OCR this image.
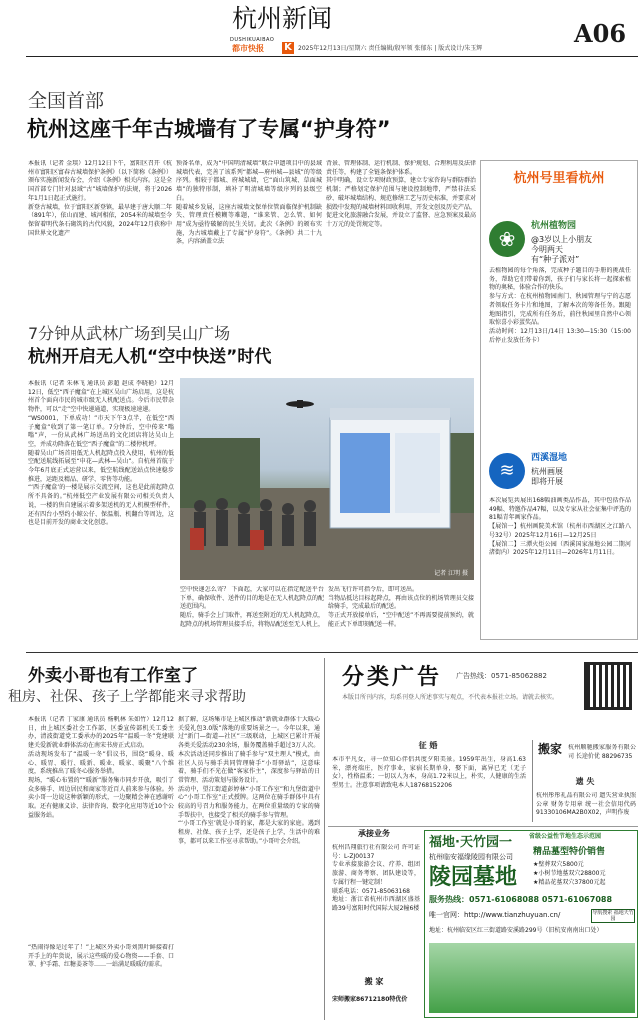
杭州新闻
DUSHIKUAIBAO
都市快报 K	2025年12月13日/星期六 责任编辑/殷军领 张郁东 | 版式设计/朱玉辉
A06
全国首部
杭州这座千年古城墙有了专属“护身符”
本报讯（记者 金琰）12月12日下午，富阳区召开《杭州市富阳区富春古城墙保护条例》（以下简称《条例》）颁布实施新闻发布会，介绍《条例》相关内容。这是全国首部专门针对县域“古”城墙保护的法规，将于2026年1月1日起正式施行。
新登古城墙，位于富阳区新登镇，最早建于唐大顺二年（891年），依山而建、城河相依，2054米的城墙至今保留着明代条石砌筑的古代风貌，2024年12月获称中国世界文化遗产
预备名单，成为“中国明清城墙”联合申遗项目中的县域城墙代表，完善了该系列“都城—府州城—县城”的等级序列。相较于都城、府城城墙，它“面山筑城、草面城墙”的独特形制，填补了明清城墙等级序列的县级空白。
随着城乡发展，这座古城墙文保单位管面临保护机制缺失、管理责任模糊等难题，“谁来管、怎么管、如何用”成为亟待破解的民生关切。此次《条例》的颁布实施，为古城墙戴上了专属“护身符”。《条例》共二十九条，内容涵盖立法
背景、管理体制、运行机制、保护规划、合理利用及法律责任等，构建了全链条保护体系。
其中明确，设立专项财政预算，建立专家咨询与群防群治机制；严格划定保护范围与建设控制地带，严禁非法采砂、破坏城墙结构、规范修缮工艺与历史标准，并要求对损毁中发现的城墙材料回收利用，开发文创及历史产品，促进文化旅游融合发展，并设立了监督、应急预案及最高十万元的处罚规定等。
杭州号里看杭州
❀
杭州植物园
@3岁以上小朋友
今明两天
有“种子派对”
去植物园的每个角落，完成种子题目的手册的挑战任务，帮助它们带着你到，孩子们与家长将一起探索植物的奥秘，体验合作的快乐。
参与方式：在杭州植物园南门、秋园管理与宁的志愿者领取任务卡片和地图，了解本次的筹备任务。跟随地图指引，完成所有任务后，前往秋园里自然中心领取惊喜小彩蛋奖品。
活动时间：12月13日/14日 13:30—15:30（15:00后停止发放任务卡）
≋
西溪湿地
杭州画展
即将开展
本次展览共展出168幅油画类品作品，其中包括作品49幅、特邀作品47幅，以及专家从社会征集中评选的81幅青年画家作品。
【展馆一】杭州画院美术馆（杭州市西湖区之江路八号32号）2025年12月16日—12月25日
【展馆二】三潭火炬公园（西溪国家湿地公园二期河渚街内）2025年12月11日—2026年1月11日。
7分钟从武林广场到吴山广场
杭州开启无人机“空中快送”时代
本报讯（记者 朱林飞 通讯员 彭超 赵成 李晓艳）12月12日，低空“西子魔盒”在上城区吴山广场启用，这是杭州首个面向市民的城市级无人机配送点。今后市民带杂物件，可以“走”空中快递通道，实现极速速递。
“WS0001，下单成功！”市天下午3点半，在低空“西子魔盒”收到了第一笔订单。7分钟后，空中传来“嗡嗡”声，一份从武林广场送出的文化团店将达吴山上空，并成功降落在低空“西子魔盒”的二楼停机坪。
随着吴山广场首用低无人机起降点投入使用，杭州的低空配送航线拓展至“申花—武林—吴山”。自杭州首航于今年6月底正式运营以来，低空航线配送站点快速稳步推进，运距及精品、研学、零售等功能。
“‘西子魔盒’的一楼是展示交流空间，这也是此前起降点所不具备的。”杭州低空产业发展有限公司相关负责人说，一楼的售自建展示着多架送机的无人机模型样件，还有四台小型约小鲸公仔、保温瓶、机翻台等周边，这也是目前开发的商业文化创意。
记者 江明 摄
空中快递怎么寄？ 下面起，大家可以在指定配送平台下单，确保收件、送件的目的地是在无人机起降点的配送范围内。
随后，骑手会上门取件，再送至附近的无人机起降点，起降点的机场管理员接手后，将物品配送至无人机上，
发出飞行许可指令后，即可送出。
当物品抵达目标起降点，再由该点位的机场管理员交接给骑手，完成最后的配送。
等正式开放接单后，“空中配送”不再需要提前预约，就能正式下单即刻配送一样。
外卖小哥也有工作室了
租房、社保、孩子上学都能来寻求帮助
本报讯（记者 丁家康 通讯员 杨帆林 朱如竹）12月12日，由上城区委社会工作部、区委宣传部机关工委主办，清波街道党工委承办的2025年“温暖一冬”党建联建关爱新就业群体活动在南宋书房正式启动。
活动现场发布了“温暖一冬”倡议书，围绕“暖身、暖心、暖胃、暖行、暖新、暖业、暖家、暖聚”八个维度，系统推出了暖冬心服务举措。
现场，“暖心布置的”“暖新”服务集市同步开放，吸引了众多骑手、周边居民和商家等近百人前来参与体验。外卖小哥一边说这种新颖的形式，一边聚精会神在感谢听取。还有健康义诊、法律咨询、数字化应用等近10个公益服务站。
“热闹得像是过年了！”上城区外卖小哥刘黑叶鲜接着打开手上的年货说，展示这些暖的爱心物资——手套、口罩、护手霜、红糖姜茶等……一站满足暖暖的需求。
据了解，这场集市是上城区推动“新就业群体十大暖心关爱礼包3.0版”落地的重要场景之一。今年以来，通过“新门—街道—社区”三级联动，上城区已累计开展各类关爱活动230余场，服务覆盖骑手超过3万人次。
本次活动还同步推出了骑手参与“双主理人”模式，由社区人员与骑手共同管理骑手“小哥驿站”，这意味着，骑手们不光在做“客家作主”，深度参与驿站的日常管理、活动策划与服务设计。
活动中，望江街道彭婷林“小哥工作室”和九堡街道中心“小哥工作室”正式授牌。这两位在骑手群体中具有较高的号召力和服务能力，在两位重量级的专家的骑手帮扶中，也接受了相关的骑手参与管理。
“‘小哥工作室’就是小哥的家，都是大家的家庭。遇到租房、社保、孩子上学，还是孩子上学，生活中的难事，都可以来工作室寻求帮助。”小哥叶会介绍。
分类广告 广告热线：0571-85062882
本版目所刊内容，均系刊登人所述事实与观点，不代表本报社立场。请就去核实。
征 婚
本市平凡女，寻一位知心伴侣共度夕阳美景。1959年出生，身高1.63米，漂亮端庄，医疗事业，家宿长期单身，娶下面，离异已无（无子女），性格温柔；一切以人为本，身高1.72米以上，朴实，人健康的生活型男士。注意事项请致电本人18768152206
搬家 杭州顺驰搬家服务有限公司 长途价优 88296735
遗 失
杭州彤彤礼品有限公司 遗失营业执照 公章 财务专用章 统一社会信用代码 91330106MA2B0X02，声明作废
承接业务
杭州昌翔旅行社有限公司 许可证号：L-ZJ00137
专业承接旅游会议、疗养、组团旅游、商务考察、团队建设等，专属行程一键定制！
联系电话：0571-85063168
地址：浙江省杭州市西湖区盛基路39号富阳时代国际大厦2幢6楼
搬 家
宋师搬家86712180特优价
省级公益性节地生态示范园
福地·天竹园一
杭州临安福缘陵园有限公司
陵园墓地
精品墓型特价销售
★壁葬双穴5800元
★小树节地墓双穴28800元
★精品花墓双穴37800元起
服务热线：0571-61068088 0571-61067088
唯一官网：http://www.tianzhuyuan.cn/	导航搜索 福地天竹园
地址：杭州临安区红三街道路安溪路299号（旧杭安南南出口处）
